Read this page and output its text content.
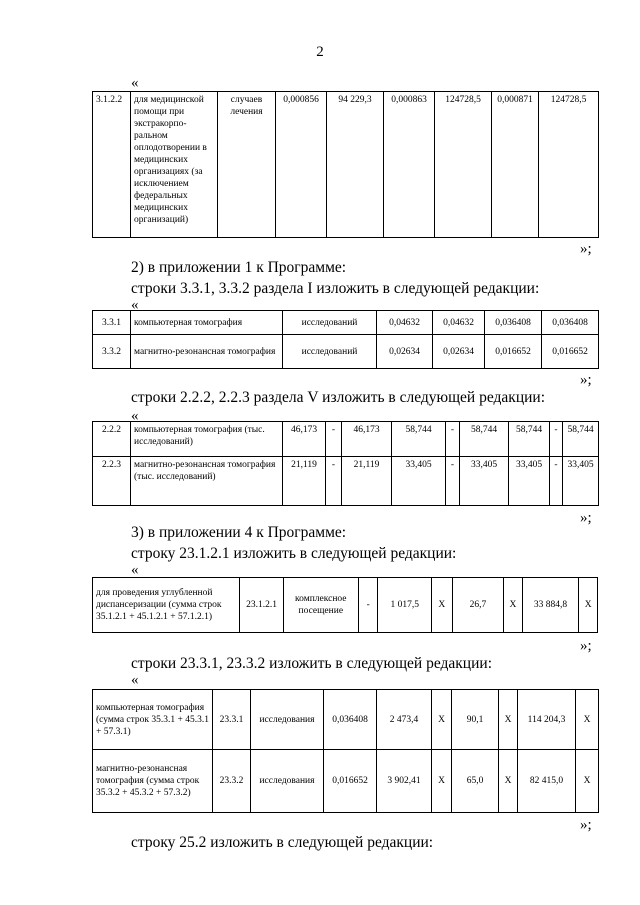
2
«
3.1.2.2	для медицинской помощи при экстракорпо-ральном оплодотворении в медицинских организациях (за исключением федеральных медицинских организаций)	случаев лечения	0,000856	94 229,3	0,000863	124728,5	0,000871	124728,5
»;
2) в приложении 1 к Программе:
строки 3.3.1, 3.3.2 раздела I изложить в следующей редакции:
«
3.3.1	компьютерная томография	исследований	0,04632	0,04632	0,036408	0,036408
3.3.2	магнитно-резонансная томография	исследований	0,02634	0,02634	0,016652	0,016652
»;
строки 2.2.2, 2.2.3 раздела V изложить в следующей редакции:
«
2.2.2	компьютерная томография (тыс. исследований)	46,173	-	46,173	58,744	-	58,744	58,744	-	58,744
2.2.3	магнитно-резонансная томография (тыс. исследований)	21,119	-	21,119	33,405	-	33,405	33,405	-	33,405
»;
3) в приложении 4 к Программе:
строку 23.1.2.1 изложить в следующей редакции:
«
для проведения углубленной диспансеризации (сумма строк 35.1.2.1 + 45.1.2.1 + 57.1.2.1)	23.1.2.1	комплексное посещение	-	1 017,5	X	26,7	X	33 884,8	X
»;
строки 23.3.1, 23.3.2 изложить в следующей редакции:
«
компьютерная томография (сумма строк 35.3.1 + 45.3.1 + 57.3.1)	23.3.1	исследования	0,036408	2 473,4	X	90,1	X	114 204,3	X
магнитно-резонансная томография (сумма строк 35.3.2 + 45.3.2 + 57.3.2)	23.3.2	исследования	0,016652	3 902,41	X	65,0	X	82 415,0	X
»;
строку 25.2 изложить в следующей редакции:
